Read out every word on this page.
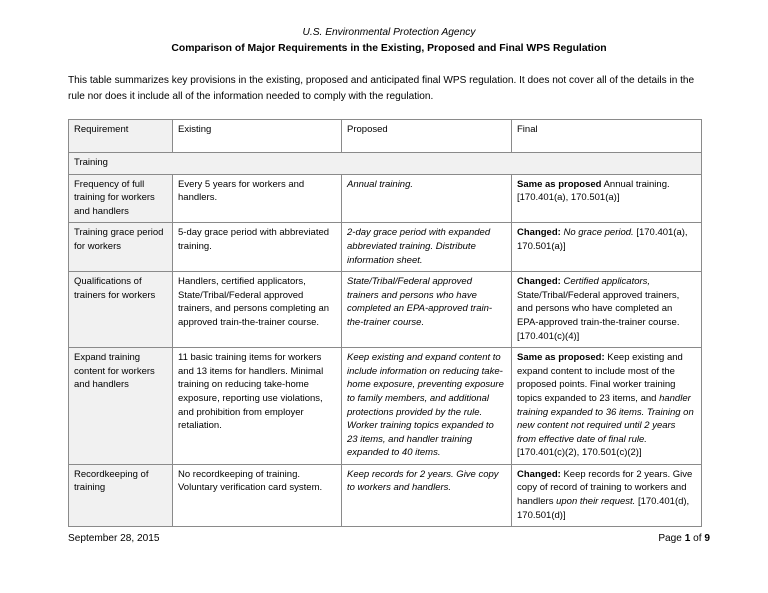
U.S. Environmental Protection Agency
Comparison of Major Requirements in the Existing, Proposed and Final WPS Regulation

This table summarizes key provisions in the existing, proposed and anticipated final WPS regulation. It does not cover all of the details in the rule nor does it include all of the information needed to comply with the regulation.

Requirement	Existing	Proposed	Final
Training			
Frequency of full training for workers and handlers	Every 5 years for workers and handlers.	Annual training.	Same as proposed Annual training. [170.401(a), 170.501(a)]
Training grace period for workers	5-day grace period with abbreviated training.	2-day grace period with expanded abbreviated training. Distribute information sheet.	Changed: No grace period. [170.401(a), 170.501(a)]
Qualifications of trainers for workers	Handlers, certified applicators, State/Tribal/Federal approved trainers, and persons completing an approved train-the-trainer course.	State/Tribal/Federal approved trainers and persons who have completed an EPA-approved train-the-trainer course.	Changed: Certified applicators, State/Tribal/Federal approved trainers, and persons who have completed an EPA-approved train-the-trainer course. [170.401(c)(4)]
Expand training content for workers and handlers	11 basic training items for workers and 13 items for handlers. Minimal training on reducing take-home exposure, reporting use violations, and prohibition from employer retaliation.	Keep existing and expand content to include information on reducing take-home exposure, preventing exposure to family members, and additional protections provided by the rule. Worker training topics expanded to 23 items, and handler training expanded to 40 items.	Same as proposed: Keep existing and expand content to include most of the proposed points. Final worker training topics expanded to 23 items, and handler training expanded to 36 items. Training on new content not required until 2 years from effective date of final rule. [170.401(c)(2), 170.501(c)(2)]
Recordkeeping of training	No recordkeeping of training. Voluntary verification card system.	Keep records for 2 years. Give copy to workers and handlers.	Changed: Keep records for 2 years. Give copy of record of training to workers and handlers upon their request. [170.401(d), 170.501(d)]
September 28, 2015	Page 1 of 9
